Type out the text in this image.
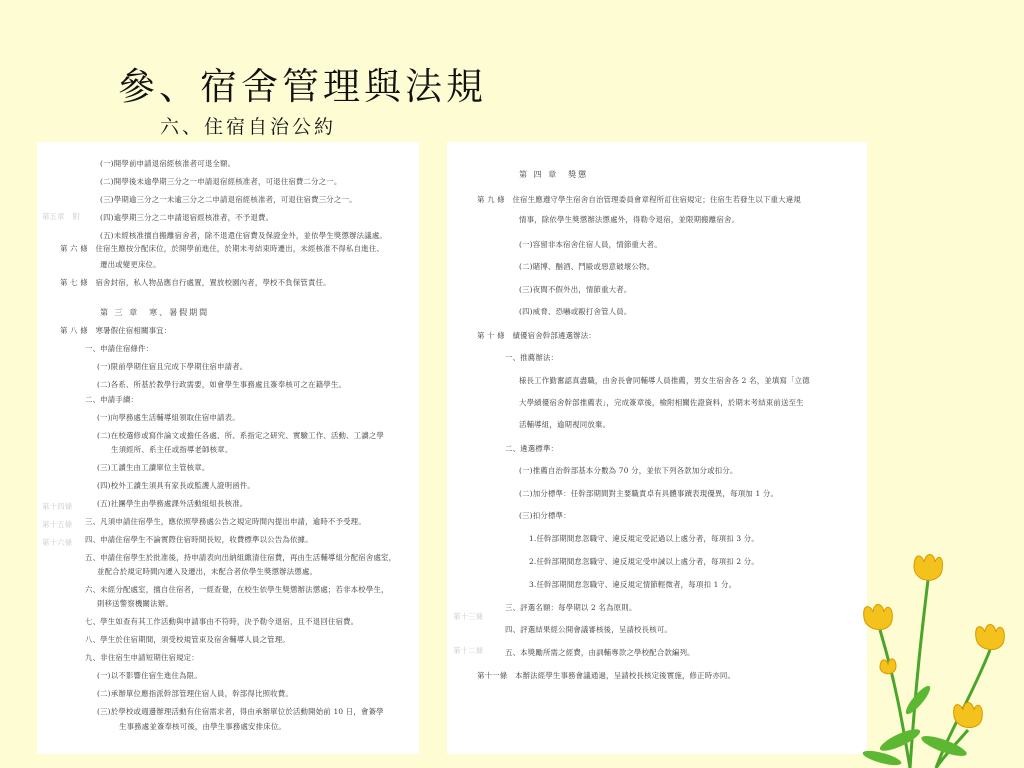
參、宿舍管理與法規
六、住宿自治公約
第五章　附
第十四條
第十五條
第十六條
(一)開學前申請退宿經核准者可退全額。
(二)開學後未逾學期三分之一申請退宿經核准者，可退住宿費二分之一。
(三)學期逾三分之一未逾三分之二申請退宿經核准者，可退住宿費三分之一。
(四)逾學期三分之二申請退宿經核准者，不予退費。
(五)未經核准擅自搬離宿舍者，除不退還住宿費及保證金外，並依學生獎懲辦法議處。
第 六 條　住宿生應按分配床位，於開學前進住，於期末考結束時遷出，未經核准不得私自進住、
遷出或變更床位。
第 七 條　宿舍封宿，私人物品應自行處置，置放校園內者，學校不負保管責任。
第 三 章　寒、暑假期間
第 八 條　寒暑假住宿相關事宜：
一、申請住宿條件：
(一)限前學期住宿且完成下學期住宿申請者。
(二)各系、所基於教學行政需要，如會學生事務處且簽奉核可之在籍學生。
二、申請手續：
(一)向學務處生活輔導組領取住宿申請表。
(二)在校選修或寫作論文或擔任各處、所、系指定之研究、實驗工作、活動、工讀之學
生須經所、系主任或指導老師核章。
(三)工讀生由工讀單位主管核章。
(四)校外工讀生須具有家長或監護人證明函件。
(五)社團學生由學務處課外活動組組長核准。
三、凡須申請住宿學生，應依照學務處公告之規定時間內提出申請，逾時不予受理。
四、申請住宿學生不論實際住宿時間長短，收費標準以公告為依據。
五、申請住宿學生於批准後，持申請表向出納組繳清住宿費，再由生活輔導組分配宿舍處室，
並配合於規定時間內遷入及遷出，未配合者依學生獎懲辦法懲處。
六、未經分配處室，擅自住宿者，一經查覺，在校生依學生獎懲辦法懲處；若非本校學生，
則移送警察機關法辦。
七、學生如查有其工作活動與申請事由不符時，決予勒令退宿，且不退回住宿費。
八、學生於住宿期間，須受校規管束及宿舍輔導人員之管理。
九、非住宿生申請短期住宿規定：
(一)以不影響住宿生進住為限。
(二)承辦單位應指派幹部管理住宿人員，幹部得比照收費。
(三)於學校或週邊辦理活動有住宿需求者，得由承辦單位於活動開始前 10 日，會簽學
生事務處並簽奉核可後，由學生事務處安排床位。
第十三條
第十二條
第 四 章　獎懲
第 九 條　住宿生應遵守學生宿舍自治管理委員會章程所訂住宿規定；住宿生若發生以下重大違規
情事，除依學生獎懲辦法懲處外，得勒令退宿，並限期搬離宿舍。
(一)容留非本宿舍住宿人員，情節重大者。
(二)賭博、酗酒、鬥毆或惡意破壞公物。
(三)夜間不假外出，情節重大者。
(四)威脅、恐嚇或毆打舍管人員。
第 十 條　績優宿舍幹部遴選辦法：
一、推薦辦法：
様長工作勤奮認真盡職，由舍長會同輔導人員推薦，男女生宿舍各 2 名，並填寫「立德
大學績優宿舍幹部推薦表」，完成簽章後，檢附相關佐證資料，於期末考結束前送至生
活輔導組，逾期視同放棄。
二、遴選標準：
(一)推薦自治幹部基本分數為 70 分，並依下列各款加分或扣分。
(二)加分標準：任幹部期間對主要職責卓有具體事蹟表現優異，每項加 1 分。
(三)扣分標準：
1.任幹部期間怠忽職守、違反規定受記過以上處分者，每項扣 3 分。
2.任幹部期間怠忽職守、違反規定受申誡以上處分者，每項扣 2 分。
3.任幹部期間怠忽職守、違反規定情節輕微者，每項扣 1 分。
三、評選名額：每學期以 2 名為原則。
四、評選結果經公開會議審核後，呈請校長核可。
五、本獎勵所需之經費，由訓輔專款之學校配合款編列。
第十一條　本辦法經學生事務會議通過，呈請校長核定後實施，修正時亦同。
